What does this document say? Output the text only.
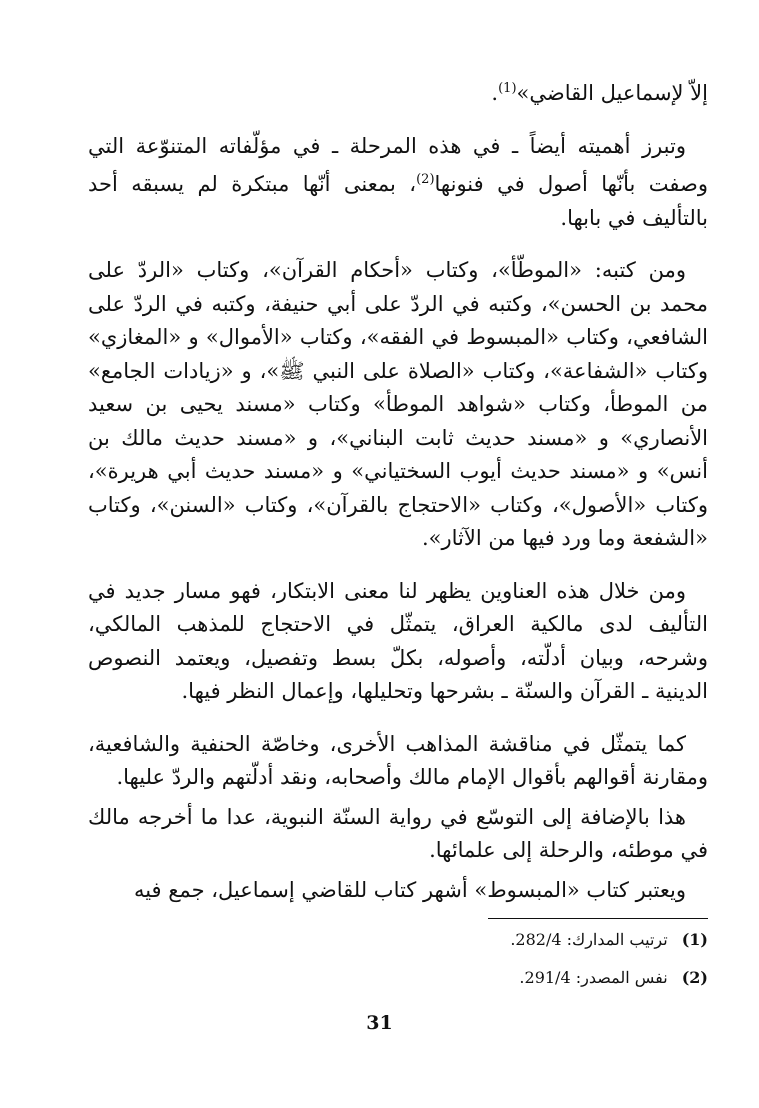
إلاّ لإسماعيل القاضي»$^{(1)}$.

وتبرز أهميته أيضاً ـ في هذه المرحلة ـ في مؤلّفاته المتنوّعة التي وصفت بأنّها أصول في فنونها$^{(2)}$، بمعنى أنّها مبتكرة لم يسبقه أحد بالتأليف في بابها.

ومن كتبه: «الموطّأ»، وكتاب «أحكام القرآن»، وكتاب «الردّ على محمد بن الحسن»، وكتبه في الردّ على أبي حنيفة، وكتبه في الردّ على الشافعي، وكتاب «المبسوط في الفقه»، وكتاب «الأموال» و «المغازي» وكتاب «الشفاعة»، وكتاب «الصلاة على النبي ﷺ»، و «زيادات الجامع» من الموطأ، وكتاب «شواهد الموطأ» وكتاب «مسند يحيى بن سعيد الأنصاري» و «مسند حديث ثابت البناني»، و «مسند حديث مالك بن أنس» و «مسند حديث أيوب السختياني» و «مسند حديث أبي هريرة»، وكتاب «الأصول»، وكتاب «الاحتجاج بالقرآن»، وكتاب «السنن»، وكتاب «الشفعة وما ورد فيها من الآثار».

ومن خلال هذه العناوين يظهر لنا معنى الابتكار، فهو مسار جديد في التأليف لدى مالكية العراق، يتمثّل في الاحتجاج للمذهب المالكي، وشرحه، وبيان أدلّته، وأصوله، بكلّ بسط وتفصيل، ويعتمد النصوص الدينية ـ القرآن والسنّة ـ بشرحها وتحليلها، وإعمال النظر فيها.

كما يتمثّل في مناقشة المذاهب الأخرى، وخاصّة الحنفية والشافعية، ومقارنة أقوالهم بأقوال الإمام مالك وأصحابه، ونقد أدلّتهم والردّ عليها.

هذا بالإضافة إلى التوسّع في رواية السنّة النبوية، عدا ما أخرجه مالك في موطئه، والرحلة إلى علمائها.

ويعتبر كتاب «المبسوط» أشهر كتاب للقاضي إسماعيل، جمع فيه

(1)ترتيب المدارك: 282/4.
(2)نفس المصدر: 291/4.
31
